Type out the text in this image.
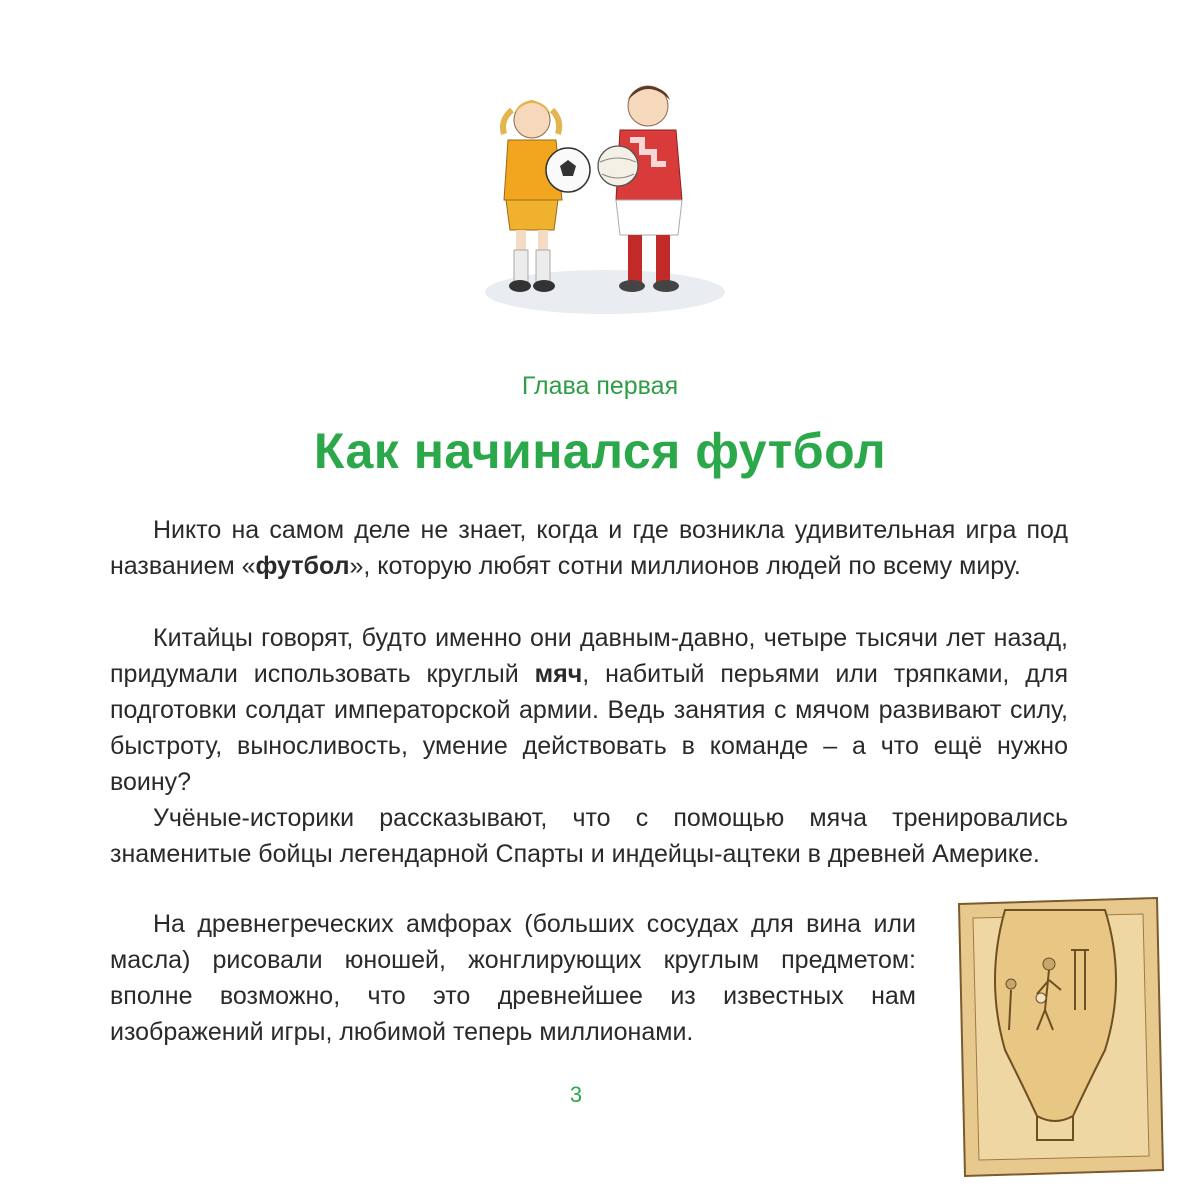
Глава первая
Как начинался футбол

Никто на самом деле не знает, когда и где возникла удивительная игра под названием «футбол», которую любят сотни миллионов людей по всему миру.

Китайцы говорят, будто именно они давным-давно, четыре тысячи лет назад, придумали использовать круглый мяч, набитый перьями или тряпками, для подготовки солдат императорской армии. Ведь занятия с мячом развивают силу, быстроту, выносливость, умение действовать в команде – а что ещё нужно воину?

Учёные-историки рассказывают, что с помощью мяча тренировались знаменитые бойцы легендарной Спарты и индейцы-ацтеки в древней Америке.

На древнегреческих амфорах (больших сосудах для вина или масла) рисовали юношей, жонглирующих круглым предметом: вполне возможно, что это древнейшее из известных нам изображений игры, любимой теперь миллионами.

3
